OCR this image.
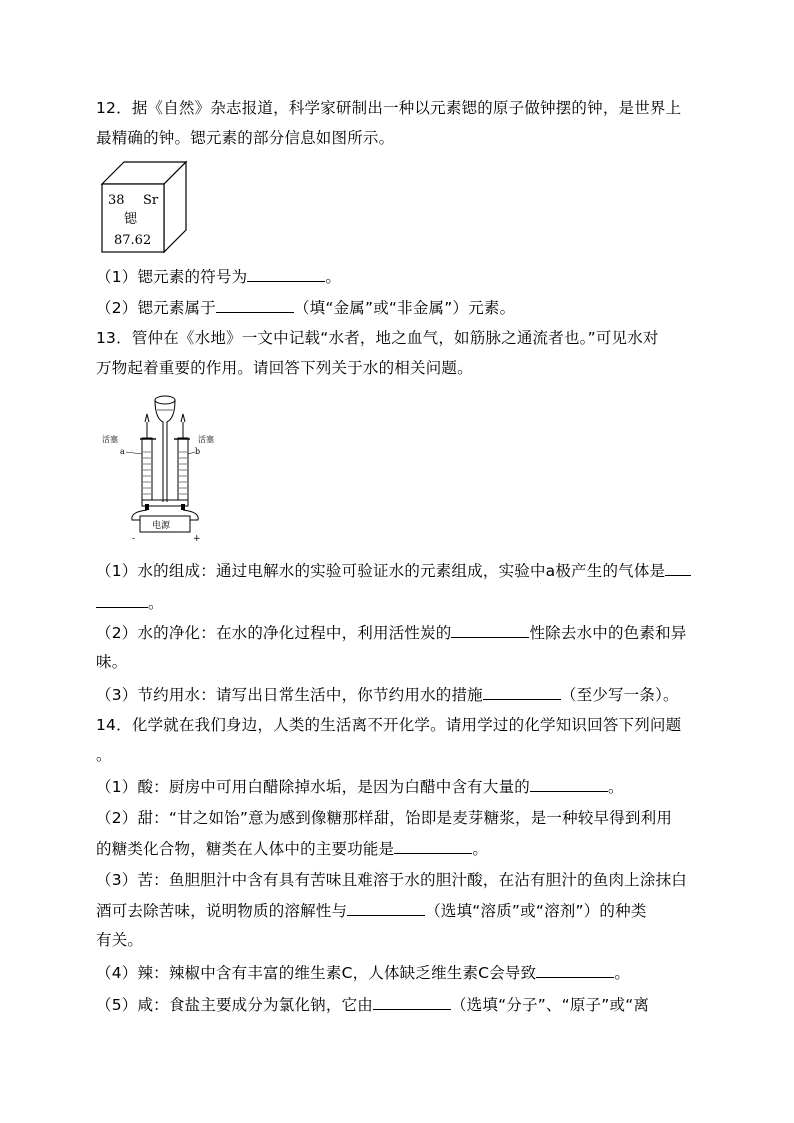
12．据《自然》杂志报道，科学家研制出一种以元素锶的原子做钟摆的钟，是世界上
最精确的钟。锶元素的部分信息如图所示。
38 Sr
锶
87.62
（1）锶元素的符号为	。
（2）锶元素属于	（填“金属”或“非金属”）元素。
13．管仲在《水地》一文中记载“水者，地之血气，如筋脉之通流者也。”可见水对
万物起着重要的作用。请回答下列关于水的相关问题。
活塞	活塞
a	b
电源
-	+
（1）水的组成：通过电解水的实验可验证水的元素组成，实验中a极产生的气体是
。
（2）水的净化：在水的净化过程中，利用活性炭的	性除去水中的色素和异
味。
（3）节约用水：请写出日常生活中，你节约用水的措施	（至少写一条）。
14．化学就在我们身边，人类的生活离不开化学。请用学过的化学知识回答下列问题
。
（1）酸：厨房中可用白醋除掉水垢，是因为白醋中含有大量的	。
（2）甜：“甘之如饴”意为感到像糖那样甜，饴即是麦芽糖浆，是一种较早得到利用
的糖类化合物，糖类在人体中的主要功能是	。
（3）苦：鱼胆胆汁中含有具有苦味且难溶于水的胆汁酸，在沾有胆汁的鱼肉上涂抹白
酒可去除苦味，说明物质的溶解性与	（选填“溶质”或“溶剂”）的种类
有关。
（4）辣：辣椒中含有丰富的维生素C，人体缺乏维生素C会导致	。
（5）咸：食盐主要成分为氯化钠，它由	（选填“分子”、“原子”或“离
